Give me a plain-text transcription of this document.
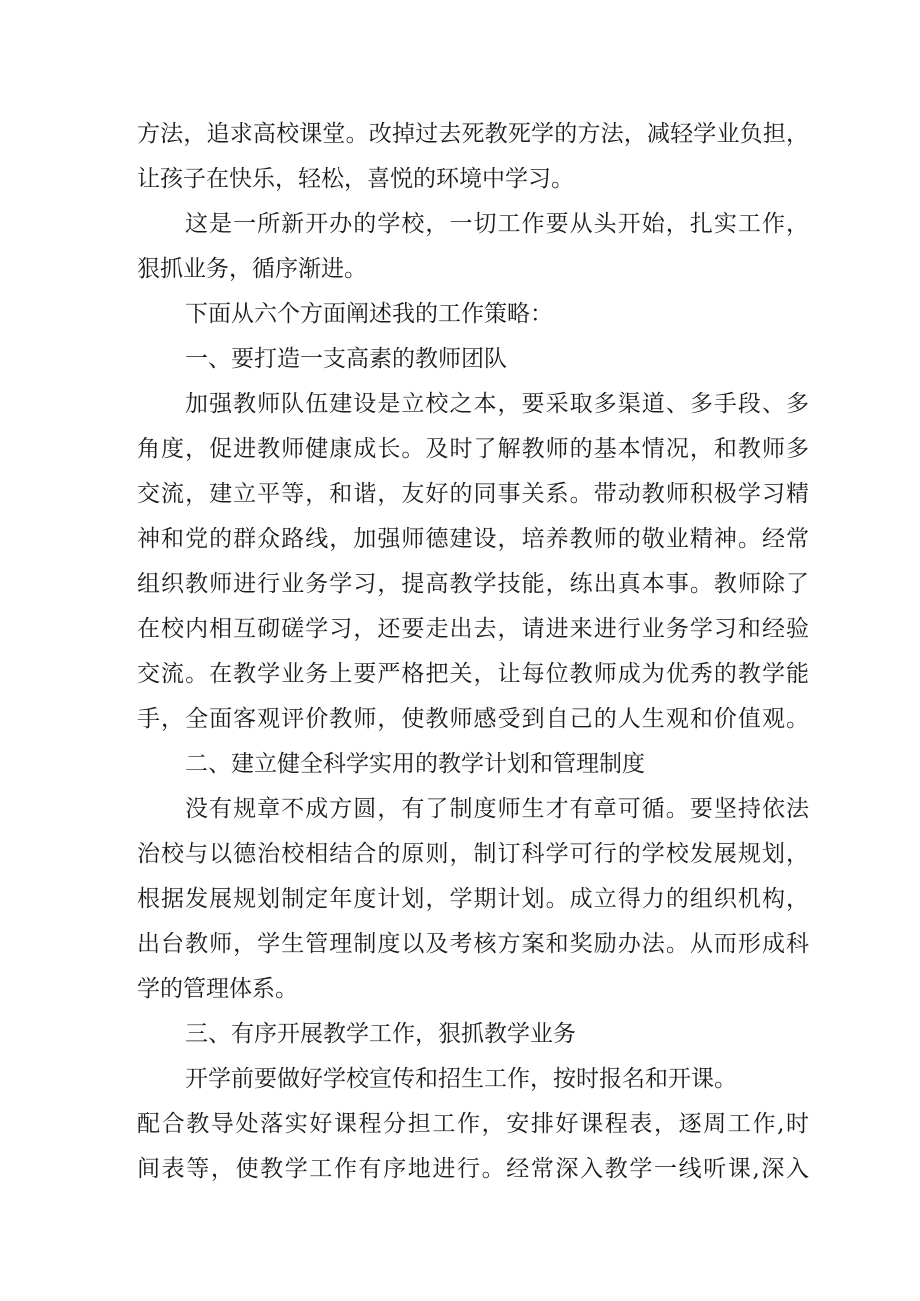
方法，追求高校课堂。改掉过去死教死学的方法，减轻学业负担，
让孩子在快乐，轻松，喜悦的环境中学习。
这是一所新开办的学校，一切工作要从头开始，扎实工作，
狠抓业务，循序渐进。
下面从六个方面阐述我的工作策略：
一、要打造一支高素的教师团队
加强教师队伍建设是立校之本，要采取多渠道、多手段、多
角度，促进教师健康成长。及时了解教师的基本情况，和教师多
交流，建立平等，和谐，友好的同事关系。带动教师积极学习精
神和党的群众路线，加强师德建设，培养教师的敬业精神。经常
组织教师进行业务学习，提高教学技能，练出真本事。教师除了
在校内相互砌磋学习，还要走出去，请进来进行业务学习和经验
交流。在教学业务上要严格把关，让每位教师成为优秀的教学能
手，全面客观评价教师，使教师感受到自己的人生观和价值观。
二、建立健全科学实用的教学计划和管理制度
没有规章不成方圆，有了制度师生才有章可循。要坚持依法
治校与以德治校相结合的原则，制订科学可行的学校发展规划，
根据发展规划制定年度计划，学期计划。成立得力的组织机构，
出台教师，学生管理制度以及考核方案和奖励办法。从而形成科
学的管理体系。
三、有序开展教学工作，狠抓教学业务
开学前要做好学校宣传和招生工作，按时报名和开课。
配合教导处落实好课程分担工作，安排好课程表，逐周工作,时
间表等，使教学工作有序地进行。经常深入教学一线听课,深入
